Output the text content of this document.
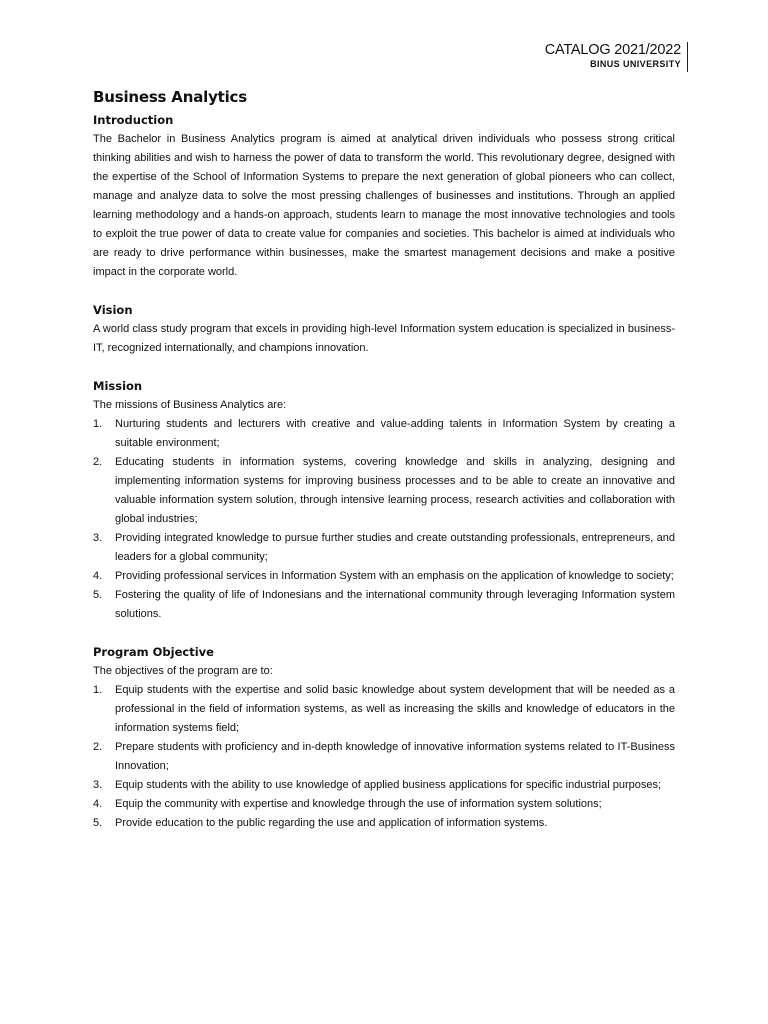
CATALOG 2021/2022
BINUS UNIVERSITY
Business Analytics
Introduction

The Bachelor in Business Analytics program is aimed at analytical driven individuals who possess strong critical thinking abilities and wish to harness the power of data to transform the world. This revolutionary degree, designed with the expertise of the School of Information Systems to prepare the next generation of global pioneers who can collect, manage and analyze data to solve the most pressing challenges of businesses and institutions. Through an applied learning methodology and a hands-on approach, students learn to manage the most innovative technologies and tools to exploit the true power of data to create value for companies and societies. This bachelor is aimed at individuals who are ready to drive performance within businesses, make the smartest management decisions and make a positive impact in the corporate world.

Vision

A world class study program that excels in providing high-level Information system education is specialized in business-IT, recognized internationally, and champions innovation.

Mission

The missions of Business Analytics are:

1. Nurturing students and lecturers with creative and value-adding talents in Information System by creating a suitable environment;
2. Educating students in information systems, covering knowledge and skills in analyzing, designing and implementing information systems for improving business processes and to be able to create an innovative and valuable information system solution, through intensive learning process, research activities and collaboration with global industries;
3. Providing integrated knowledge to pursue further studies and create outstanding professionals, entrepreneurs, and leaders for a global community;
4. Providing professional services in Information System with an emphasis on the application of knowledge to society;
5. Fostering the quality of life of Indonesians and the international community through leveraging Information system solutions.
Program Objective

The objectives of the program are to:

1. Equip students with the expertise and solid basic knowledge about system development that will be needed as a professional in the field of information systems, as well as increasing the skills and knowledge of educators in the information systems field;
2. Prepare students with proficiency and in-depth knowledge of innovative information systems related to IT-Business Innovation;
3. Equip students with the ability to use knowledge of applied business applications for specific industrial purposes;
4. Equip the community with expertise and knowledge through the use of information system solutions;
5. Provide education to the public regarding the use and application of information systems.
